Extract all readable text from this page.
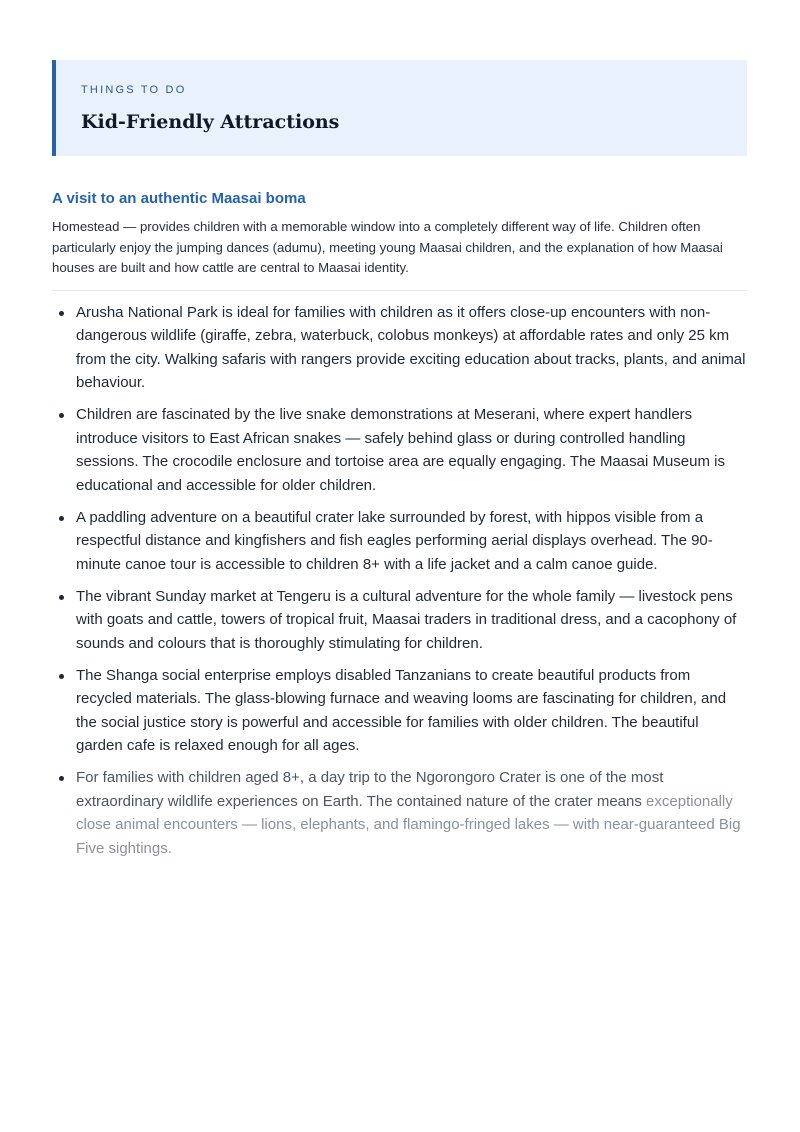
THINGS TO DO

Kid-Friendly Attractions
A visit to an authentic Maasai boma

Homestead — provides children with a memorable window into a completely different way of life. Children often particularly enjoy the jumping dances (adumu), meeting young Maasai children, and the explanation of how Maasai houses are built and how cattle are central to Maasai identity.

Arusha National Park is ideal for families with children as it offers close-up encounters with non-dangerous wildlife (giraffe, zebra, waterbuck, colobus monkeys) at affordable rates and only 25 km from the city. Walking safaris with rangers provide exciting education about tracks, plants, and animal behaviour.
Children are fascinated by the live snake demonstrations at Meserani, where expert handlers introduce visitors to East African snakes — safely behind glass or during controlled handling sessions. The crocodile enclosure and tortoise area are equally engaging. The Maasai Museum is educational and accessible for older children.
A paddling adventure on a beautiful crater lake surrounded by forest, with hippos visible from a respectful distance and kingfishers and fish eagles performing aerial displays overhead. The 90-minute canoe tour is accessible to children 8+ with a life jacket and a calm canoe guide.
The vibrant Sunday market at Tengeru is a cultural adventure for the whole family — livestock pens with goats and cattle, towers of tropical fruit, Maasai traders in traditional dress, and a cacophony of sounds and colours that is thoroughly stimulating for children.
The Shanga social enterprise employs disabled Tanzanians to create beautiful products from recycled materials. The glass-blowing furnace and weaving looms are fascinating for children, and the social justice story is powerful and accessible for families with older children. The beautiful garden cafe is relaxed enough for all ages.
For families with children aged 8+, a day trip to the Ngorongoro Crater is one of the most extraordinary wildlife experiences on Earth. The contained nature of the crater means exceptionally close animal encounters — lions, elephants, and flamingo-fringed lakes — with near-guaranteed Big Five sightings.
